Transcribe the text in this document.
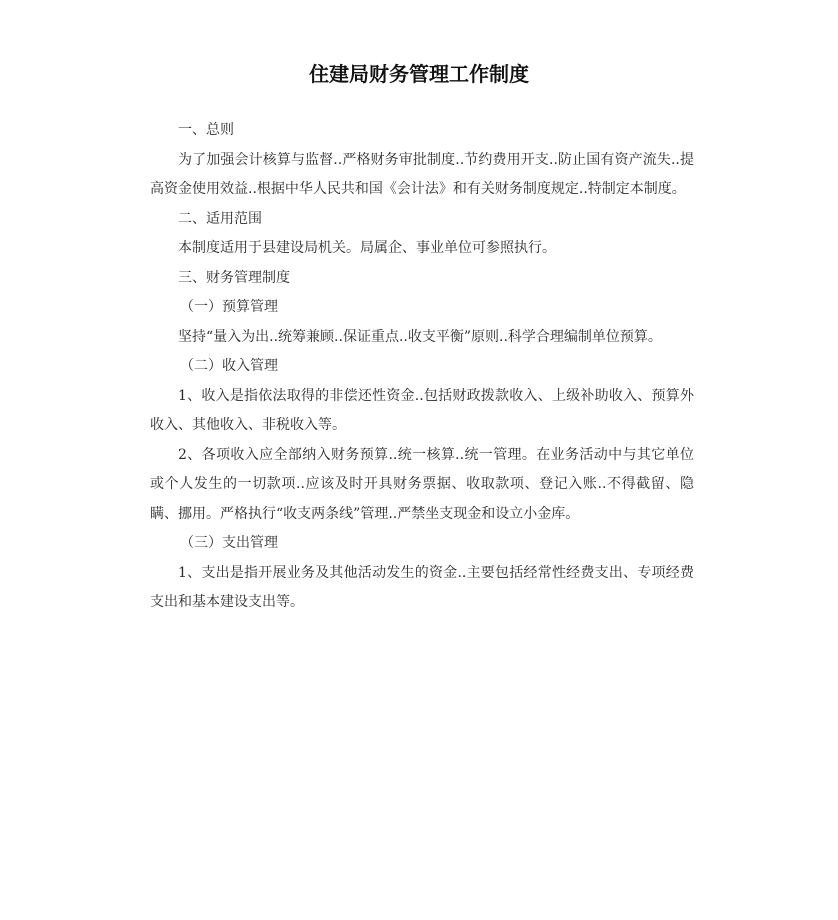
住建局财务管理工作制度

一、总则

为了加强会计核算与监督..严格财务审批制度..节约费用开支..防止国有资产流失..提高资金使用效益..根据中华人民共和国《会计法》和有关财务制度规定..特制定本制度。

二、适用范围

本制度适用于县建设局机关。局属企、事业单位可参照执行。

三、财务管理制度

（一）预算管理

坚持“量入为出..统筹兼顾..保证重点..收支平衡”原则..科学合理编制单位预算。

（二）收入管理

1、收入是指依法取得的非偿还性资金..包括财政拨款收入、上级补助收入、预算外收入、其他收入、非税收入等。

2、各项收入应全部纳入财务预算..统一核算..统一管理。在业务活动中与其它单位或个人发生的一切款项..应该及时开具财务票据、收取款项、登记入账..不得截留、隐瞒、挪用。严格执行“收支两条线”管理..严禁坐支现金和设立小金库。

（三）支出管理

1、支出是指开展业务及其他活动发生的资金..主要包括经常性经费支出、专项经费支出和基本建设支出等。
